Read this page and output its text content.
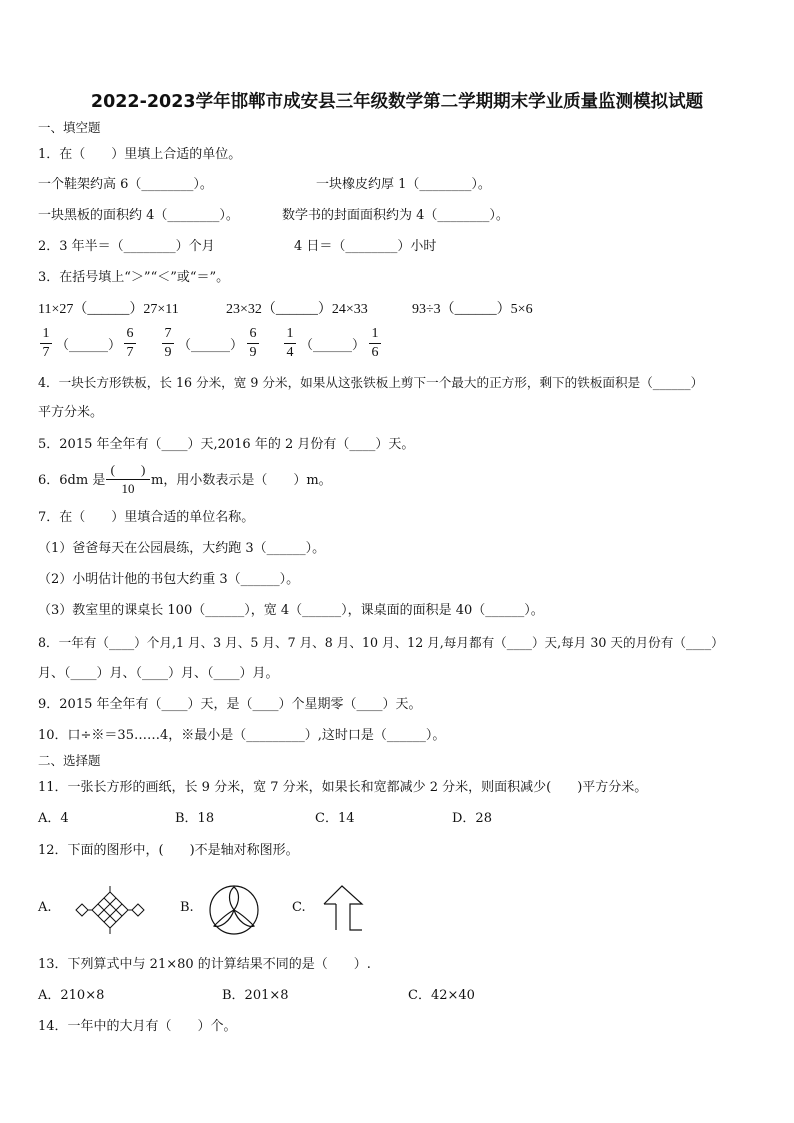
2022-2023学年邯郸市成安县三年级数学第二学期期末学业质量监测模拟试题
一、填空题
1．在（　　）里填上合适的单位。
一个鞋架约高 6（________）。	一块橡皮约厚 1（________）。
一块黑板的面积约 4（________）。	数学书的封面面积约为 4（________）。
2．3 年半＝（________）个月	4 日＝（________）小时
3．在括号填上“＞”“＜”或“＝”。
11×27（______）27×11	23×32（______）24×33	93÷3（______）5×6
1
7 （______）
6
7
7
9 （______）
6
9
1
4 （______）
1
6
4．一块长方形铁板，长 16 分米，宽 9 分米，如果从这张铁板上剪下一个最大的正方形，剩下的铁板面积是（______）
平方分米。
5．2015 年全年有（____）天,2016 年的 2 月份有（____）天。
6．6dm 是
(　　)
10
m，用小数表示是（　　）m。
7．在（　　）里填合适的单位名称。
（1）爸爸每天在公园晨练，大约跑 3（______）。
（2）小明估计他的书包大约重 3（______）。
（3）教室里的课桌长 100（______），宽 4（______），课桌面的面积是 40（______）。
8．一年有（____）个月,1 月、3 月、5 月、7 月、8 月、10 月、12 月,每月都有（____）天,每月 30 天的月份有（____）
月、（____）月、（____）月、（____）月。
9．2015 年全年有（____）天，是（____）个星期零（____）天。
10．口÷※＝35……4，※最小是（_________）,这时口是（______）。
二、选择题
11．一张长方形的画纸，长 9 分米，宽 7 分米，如果长和宽都减少 2 分米，则面积减少(　　)平方分米。
A．4	B．18	C．14	D．28
12．下面的图形中，(　　)不是轴对称图形。
A.	B.	C.
13．下列算式中与 21×80 的计算结果不同的是（　　）.
A．210×8	B．201×8	C．42×40
14．一年中的大月有（　　）个。
